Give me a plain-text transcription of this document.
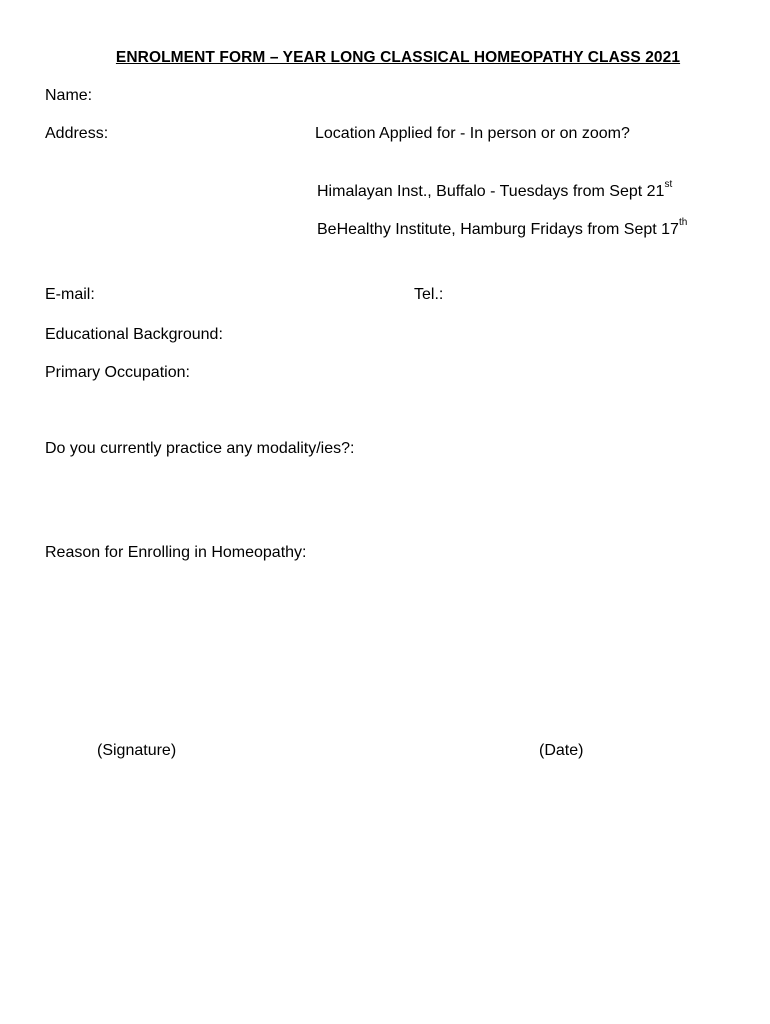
ENROLMENT FORM – YEAR LONG CLASSICAL HOMEOPATHY CLASS 2021
Name:
Address:	Location Applied for - In person or on zoom?
Himalayan Inst., Buffalo - Tuesdays from Sept 21st
BeHealthy Institute, Hamburg Fridays from Sept 17th
E-mail:	Tel.:
Educational Background:
Primary Occupation:
Do you currently practice any modality/ies?:
Reason for Enrolling in Homeopathy:
(Signature)	(Date)
